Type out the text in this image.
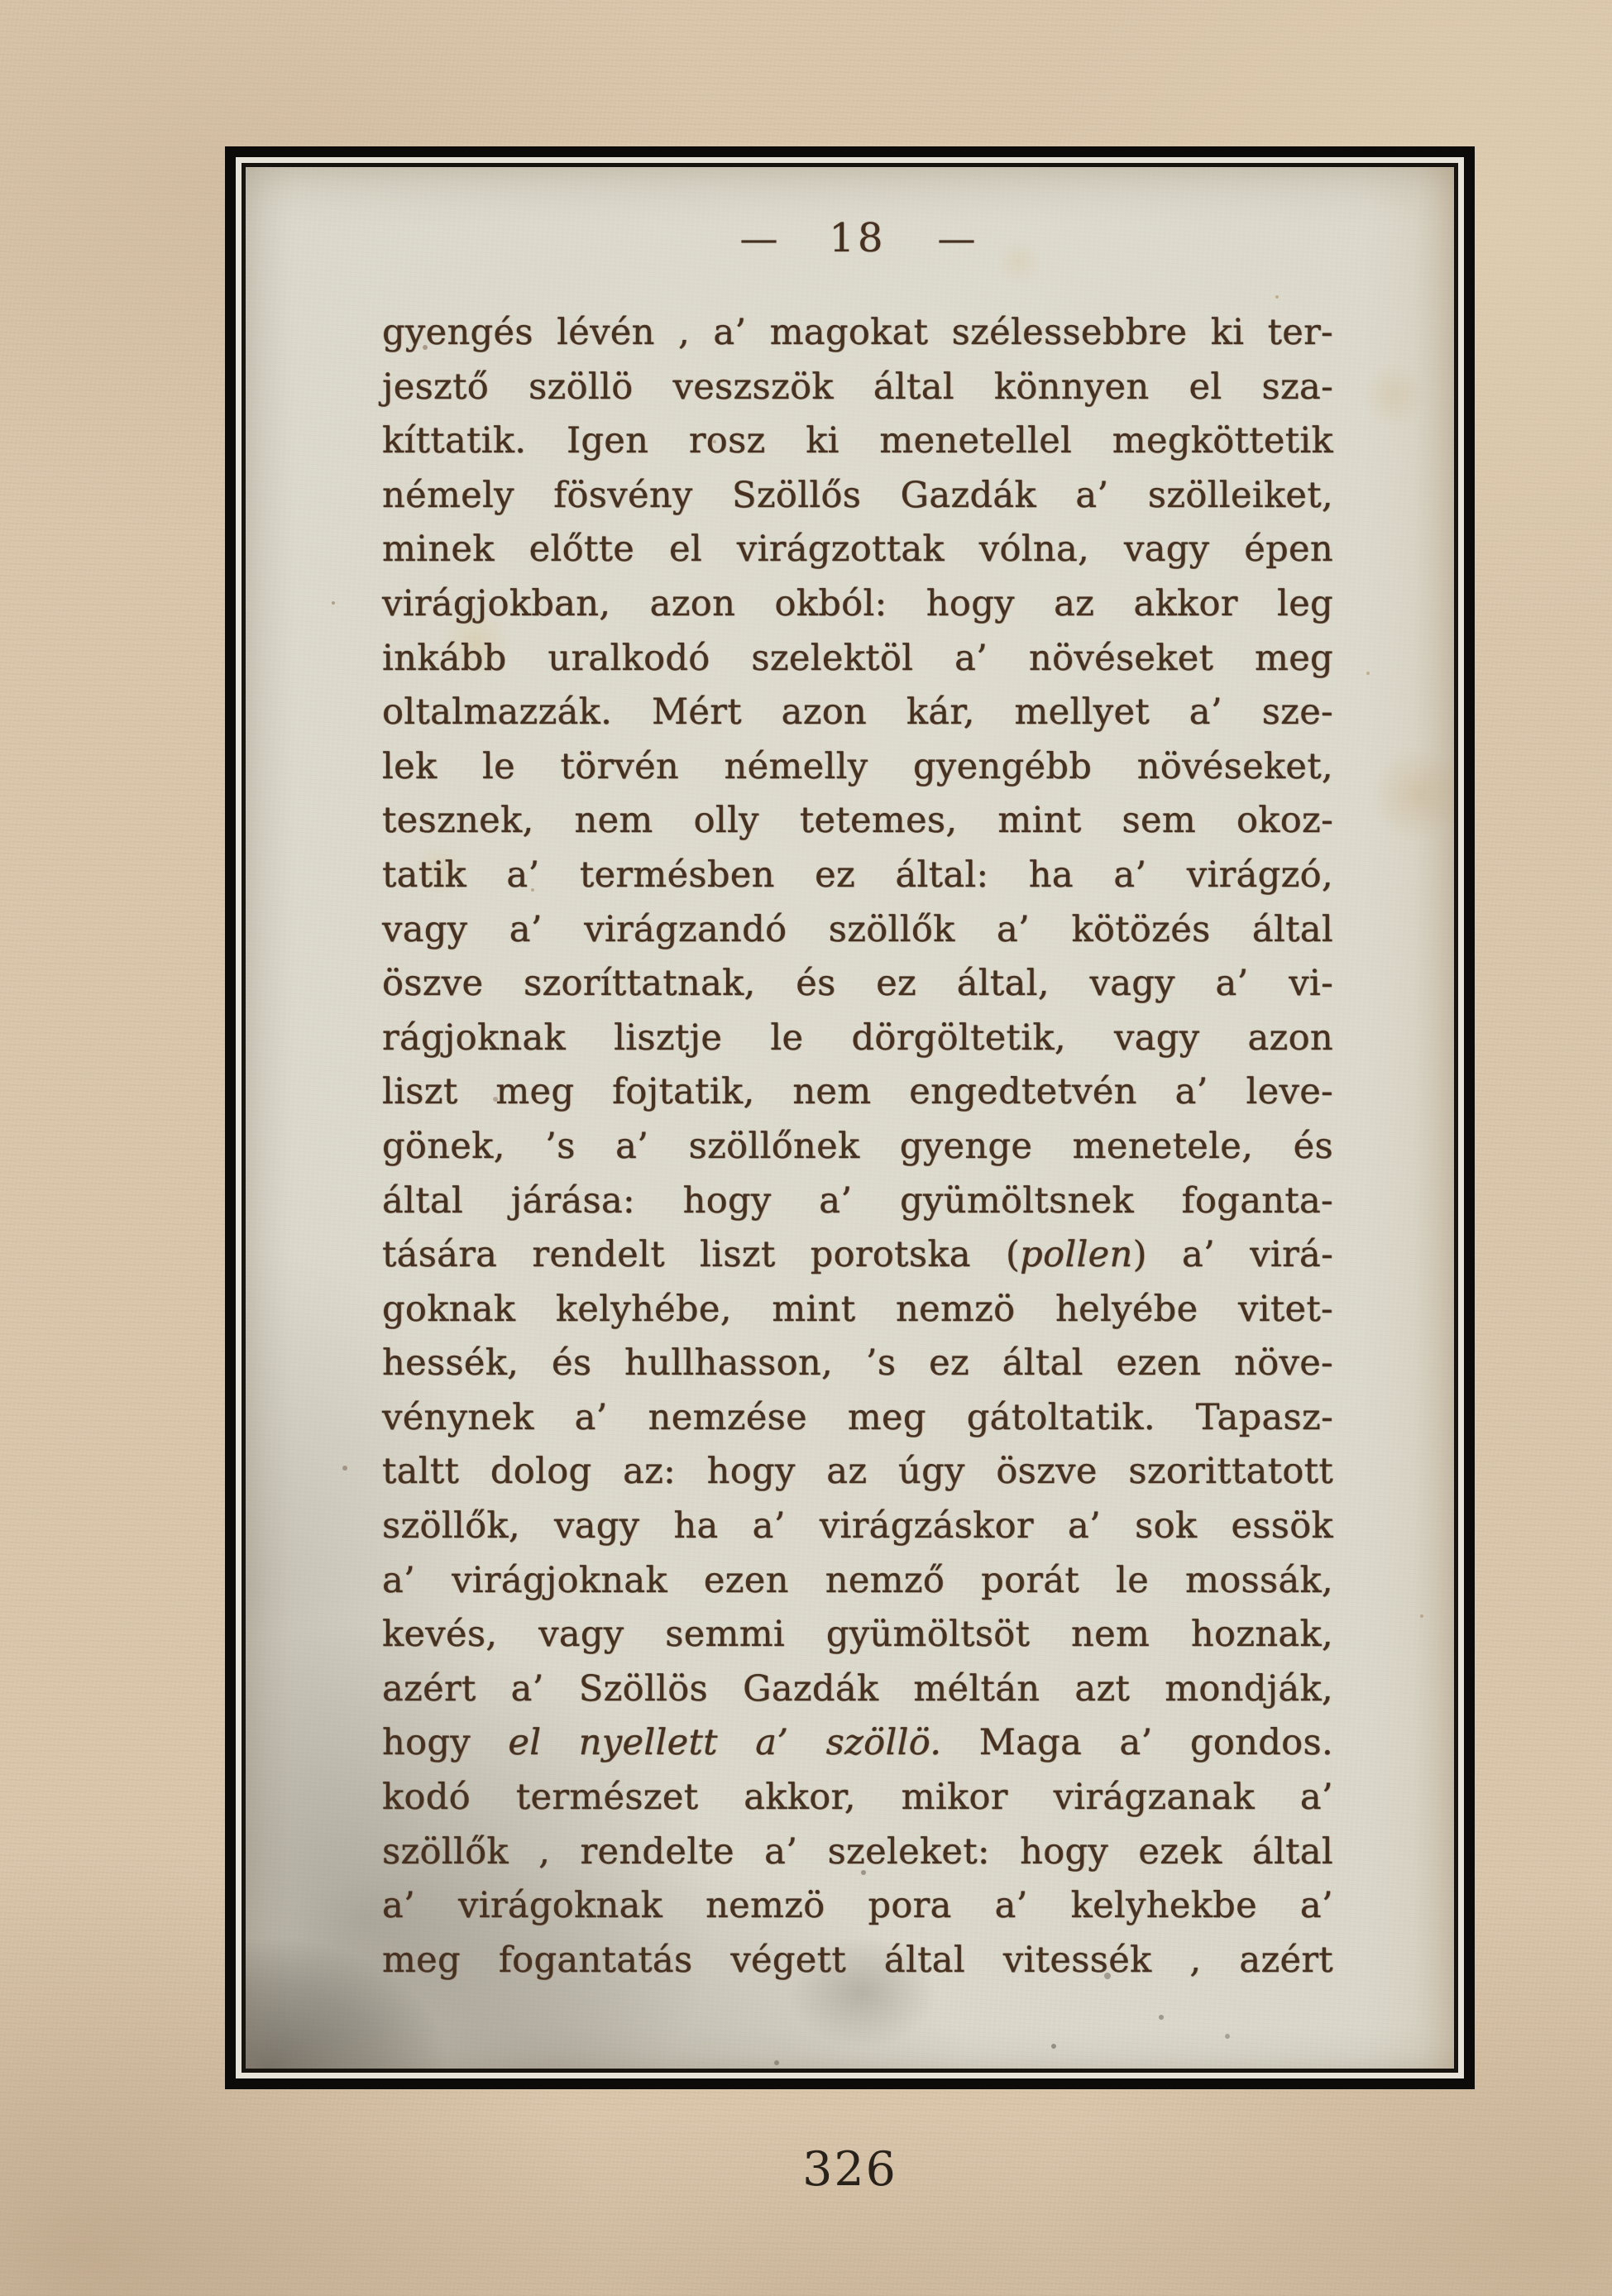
— 18 —
gyengés lévén , a’ magokat szélessebbre ki ter-
jesztő szöllö veszszök által könnyen el sza-
kíttatik. Igen rosz ki menetellel megköttetik
némely fösvény Szöllős Gazdák a’ szölleiket,
minek előtte el virágzottak vólna, vagy épen
virágjokban, azon okból: hogy az akkor leg
inkább uralkodó szelektöl a’ növéseket meg
oltalmazzák. Mért azon kár, mellyet a’ sze-
lek le törvén némelly gyengébb növéseket,
tesznek, nem olly tetemes, mint sem okoz-
tatik a’ termésben ez által: ha a’ virágzó,
vagy a’ virágzandó szöllők a’ kötözés által
öszve szoríttatnak, és ez által, vagy a’ vi-
rágjoknak lisztje le dörgöltetik, vagy azon
liszt meg fojtatik, nem engedtetvén a’ leve-
gönek, ’s a’ szöllőnek gyenge menetele, és
által járása: hogy a’ gyümöltsnek foganta-
tására rendelt liszt porotska (pollen) a’ virá-
goknak kelyhébe, mint nemzö helyébe vitet-
hessék, és hullhasson, ’s ez által ezen növe-
vénynek a’ nemzése meg gátoltatik. Tapasz-
taltt dolog az: hogy az úgy öszve szorittatott
szöllők, vagy ha a’ virágzáskor a’ sok essök
a’ virágjoknak ezen nemző porát le mossák,
kevés, vagy semmi gyümöltsöt nem hoznak,
azért a’ Szöllös Gazdák méltán azt mondják,
hogy el nyellett a’ szöllö. Maga a’ gondos.
kodó természet akkor, mikor virágzanak a’
szöllők , rendelte a’ szeleket: hogy ezek által
a’ virágoknak nemzö pora a’ kelyhekbe a’
meg fogantatás végett által vitessék , azért
326
